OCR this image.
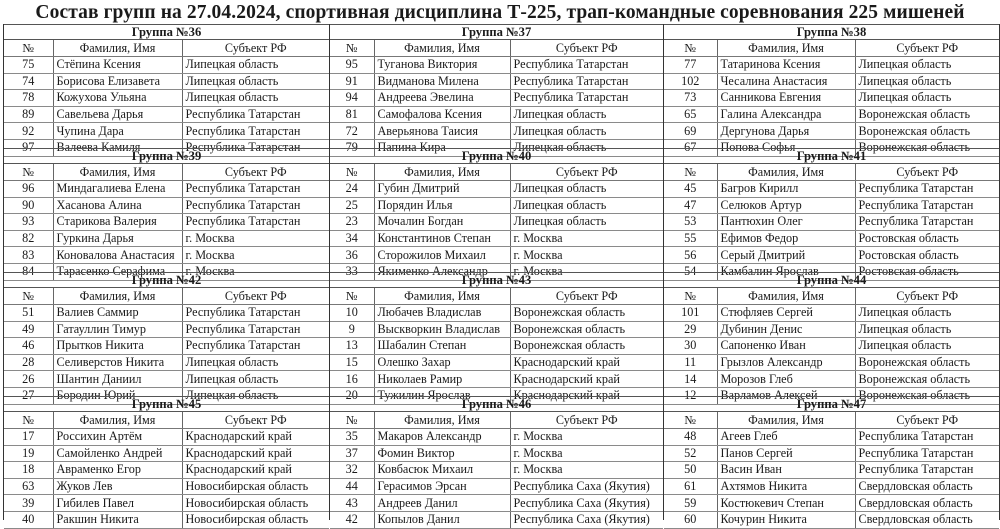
Состав групп на 27.04.2024, спортивная дисциплина Т-225, трап-командные соревнования 225 мишеней
Группа №36		
№	Фамилия, Имя	Субъект РФ
75	Стёпина Ксения	Липецкая область
74	Борисова Елизавета	Липецкая область
78	Кожухова Ульяна	Липецкая область
89	Савельева Дарья	Республика Татарстан
92	Чупина Дара	Республика Татарстан
97	Валеева Камиля	Республика Татарстан
Группа №37		
№	Фамилия, Имя	Субъект РФ
95	Туганова Виктория	Республика Татарстан
91	Видманова Милена	Республика Татарстан
94	Андреева Эвелина	Республика Татарстан
81	Самофалова Ксения	Липецкая область
72	Аверьянова Таисия	Липецкая область
79	Папина Кира	Липецкая область
Группа №38		
№	Фамилия, Имя	Субъект РФ
77	Татаринова Ксения	Липецкая область
102	Чесалина Анастасия	Липецкая область
73	Санникова Евгения	Липецкая область
65	Галина Александра	Воронежская область
69	Дергунова Дарья	Воронежская область
67	Попова Софья	Воронежская область
Группа №39		
№	Фамилия, Имя	Субъект РФ
96	Миндагалиева Елена	Республика Татарстан
90	Хасанова Алина	Республика Татарстан
93	Старикова Валерия	Республика Татарстан
82	Гуркина Дарья	г. Москва
83	Коновалова Анастасия	г. Москва
84	Тарасенко Серафима	г. Москва
Группа №40		
№	Фамилия, Имя	Субъект РФ
24	Губин Дмитрий	Липецкая область
25	Порядин Илья	Липецкая область
23	Мочалин Богдан	Липецкая область
34	Константинов Степан	г. Москва
36	Сторожилов Михаил	г. Москва
33	Якименко Александр	г. Москва
Группа №41		
№	Фамилия, Имя	Субъект РФ
45	Багров Кирилл	Республика Татарстан
47	Селюков Артур	Республика Татарстан
53	Пантюхин Олег	Республика Татарстан
55	Ефимов Федор	Ростовская область
56	Серый Дмитрий	Ростовская область
54	Камбалин Ярослав	Ростовская область
Группа №42		
№	Фамилия, Имя	Субъект РФ
51	Валиев Саммир	Республика Татарстан
49	Гатауллин Тимур	Республика Татарстан
46	Прытков Никита	Республика Татарстан
28	Селиверстов Никита	Липецкая область
26	Шантин Даниил	Липецкая область
27	Бородин Юрий	Липецкая область
Группа №43		
№	Фамилия, Имя	Субъект РФ
10	Любачев Владислав	Воронежская область
9	Выскворкин Владислав	Воронежская область
13	Шабалин Степан	Воронежская область
15	Олешко Захар	Краснодарский край
16	Николаев Рамир	Краснодарский край
20	Тужилин Ярослав	Краснодарский край
Группа №44		
№	Фамилия, Имя	Субъект РФ
101	Стюфляев Сергей	Липецкая область
29	Дубинин Денис	Липецкая область
30	Сапоненко Иван	Липецкая область
11	Грызлов Александр	Воронежская область
14	Морозов Глеб	Воронежская область
12	Варламов Алексей	Воронежская область
Группа №45		
№	Фамилия, Имя	Субъект РФ
17	Россихин Артём	Краснодарский край
19	Самойленко Андрей	Краснодарский край
18	Авраменко Егор	Краснодарский край
63	Жуков Лев	Новосибирская область
39	Гибилев Павел	Новосибирская область
40	Ракшин Никита	Новосибирская область
Группа №46		
№	Фамилия, Имя	Субъект РФ
35	Макаров Александр	г. Москва
37	Фомин Виктор	г. Москва
32	Ковбасюк Михаил	г. Москва
44	Герасимов Эрсан	Республика Саха (Якутия)
43	Андреев Данил	Республика Саха (Якутия)
42	Копылов Данил	Республика Саха (Якутия)
Группа №47		
№	Фамилия, Имя	Субъект РФ
48	Агеев Глеб	Республика Татарстан
52	Панов Сергей	Республика Татарстан
50	Васин Иван	Республика Татарстан
61	Ахтямов Никита	Свердловская область
59	Костюкевич Степан	Свердловская область
60	Кочурин Никита	Свердловская область
